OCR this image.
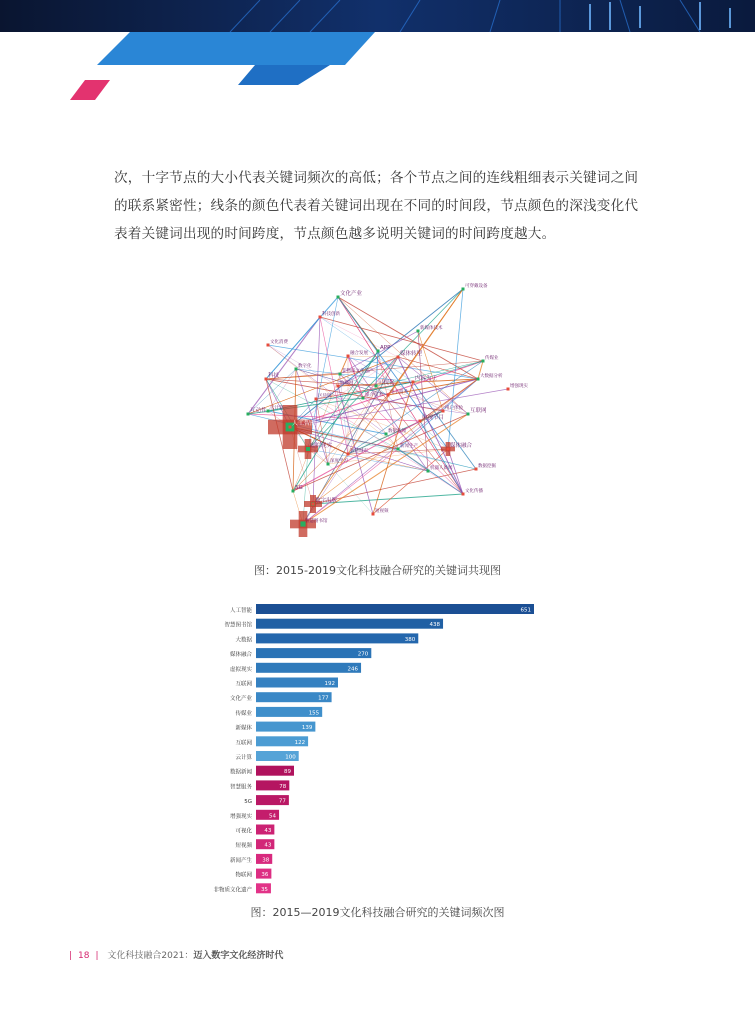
次，十字节点的大小代表关键词频次的高低；各个节点之间的连线粗细表示关键词之间的联系紧密性；线条的颜色代表着关键词出现在不同的时间段，节点颜色的深浅变化代表着关键词出现的时间跨度，节点颜色越多说明关键词的时间跨度越大。
文化产业
科技创新
新媒体技术
媒体转型
传媒业
融合发展
APP
文化消费
数字化
科技
非物质文化遗产
物联网	可视化
电子商务
媒介技术
内容为王	大数据分析
人工智能
虚拟现实
智慧城市
数据新闻
媒体融合
深度学习
区块链
互联网
用户体验
新闻生产
电视节目
机器人新闻	数据挖掘
5G
增强现实
云计算
数字出版
智慧图书馆
短视频
互动性
文化传播
可穿戴设备
图：2015-2019文化科技融合研究的关键词共现图
人工智能	651
智慧图书馆	438
大数据	380
媒体融合	270
虚拟现实	246
互联网	192
文化产业	177
传媒业	155
新媒体	139
互联网	122
云计算	100
数据新闻	89
智慧服务	78
5G	77
增强现实	54
可视化 43
短视频 43
新闻产生 38
物联网 36
非物质文化遗产 35
图：2015—2019文化科技融合研究的关键词频次图
| 18 | 文化科技融合2021：迈入数字文化经济时代
